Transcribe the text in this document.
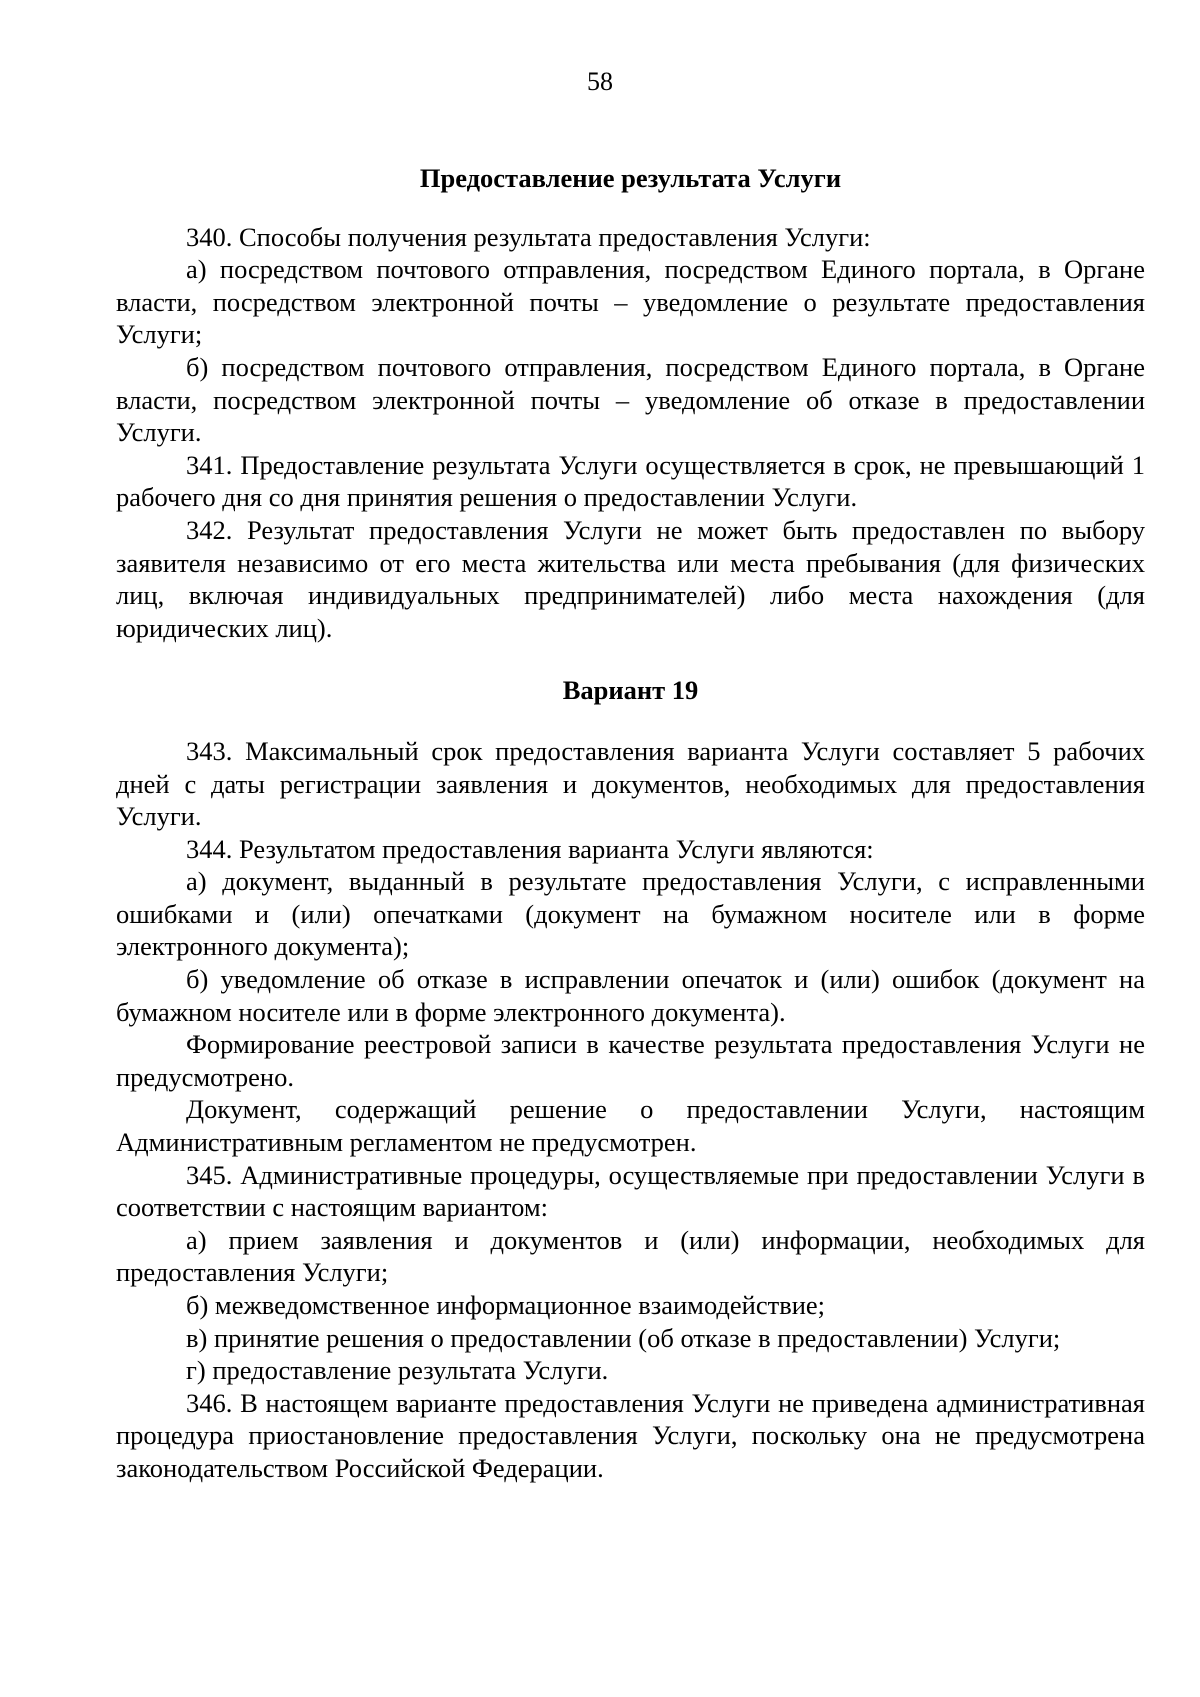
58

Предоставление результата Услуги

340. Способы получения результата предоставления Услуги:

а) посредством почтового отправления, посредством Единого портала, в Органе власти, посредством электронной почты – уведомление о результате предоставления Услуги;

б) посредством почтового отправления, посредством Единого портала, в Органе власти, посредством электронной почты – уведомление об отказе в предоставлении Услуги.

341. Предоставление результата Услуги осуществляется в срок, не превышающий 1 рабочего дня со дня принятия решения о предоставлении Услуги.

342. Результат предоставления Услуги не может быть предоставлен по выбору заявителя независимо от его места жительства или места пребывания (для физических лиц, включая индивидуальных предпринимателей) либо места нахождения (для юридических лиц).

Вариант 19

343. Максимальный срок предоставления варианта Услуги составляет 5 рабочих дней с даты регистрации заявления и документов, необходимых для предоставления Услуги.

344. Результатом предоставления варианта Услуги являются:

а) документ, выданный в результате предоставления Услуги, с исправленными ошибками и (или) опечатками (документ на бумажном носителе или в форме электронного документа);

б) уведомление об отказе в исправлении опечаток и (или) ошибок (документ на бумажном носителе или в форме электронного документа).

Формирование реестровой записи в качестве результата предоставления Услуги не предусмотрено.

Документ, содержащий решение о предоставлении Услуги, настоящим Административным регламентом не предусмотрен.

345. Административные процедуры, осуществляемые при предоставлении Услуги в соответствии с настоящим вариантом:

а) прием заявления и документов и (или) информации, необходимых для предоставления Услуги;

б) межведомственное информационное взаимодействие;

в) принятие решения о предоставлении (об отказе в предоставлении) Услуги;

г) предоставление результата Услуги.

346. В настоящем варианте предоставления Услуги не приведена административная процедура приостановление предоставления Услуги, поскольку она не предусмотрена законодательством Российской Федерации.
